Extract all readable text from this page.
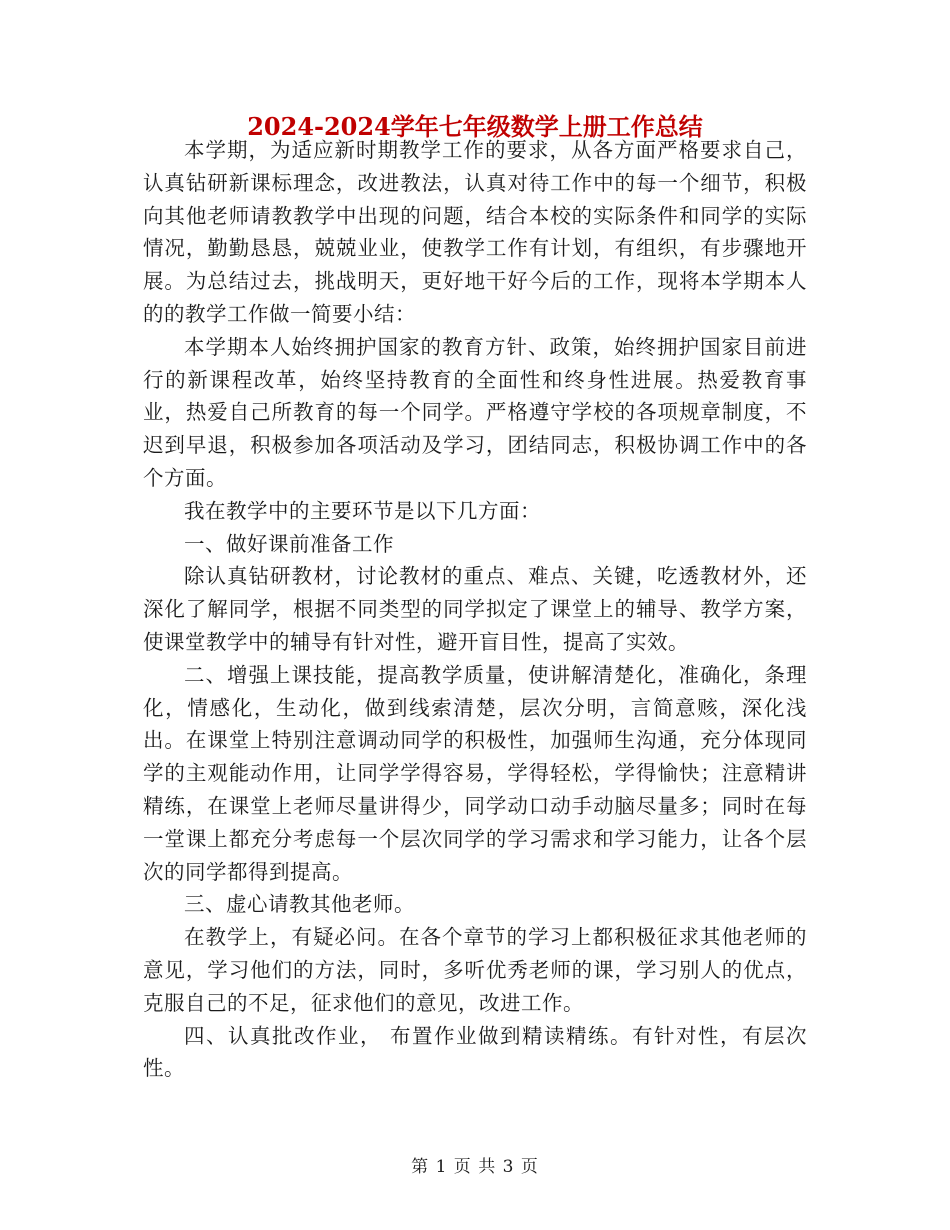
2024-2024学年七年级数学上册工作总结

本学期，为适应新时期教学工作的要求，从各方面严格要求自己，认真钻研新课标理念，改进教法，认真对待工作中的每一个细节，积极向其他老师请教教学中出现的问题，结合本校的实际条件和同学的实际情况，勤勤恳恳，兢兢业业，使教学工作有计划，有组织，有步骤地开展。为总结过去，挑战明天，更好地干好今后的工作，现将本学期本人的的教学工作做一简要小结：

本学期本人始终拥护国家的教育方针、政策，始终拥护国家目前进行的新课程改革，始终坚持教育的全面性和终身性进展。热爱教育事业，热爱自己所教育的每一个同学。严格遵守学校的各项规章制度，不迟到早退，积极参加各项活动及学习，团结同志，积极协调工作中的各个方面。

我在教学中的主要环节是以下几方面：

一、做好课前准备工作

除认真钻研教材，讨论教材的重点、难点、关键，吃透教材外，还深化了解同学，根据不同类型的同学拟定了课堂上的辅导、教学方案，使课堂教学中的辅导有针对性，避开盲目性，提高了实效。

二、增强上课技能，提高教学质量，使讲解清楚化，准确化，条理化，情感化，生动化，做到线索清楚，层次分明，言简意赅，深化浅出。在课堂上特别注意调动同学的积极性，加强师生沟通，充分体现同学的主观能动作用，让同学学得容易，学得轻松，学得愉快；注意精讲精练，在课堂上老师尽量讲得少，同学动口动手动脑尽量多；同时在每一堂课上都充分考虑每一个层次同学的学习需求和学习能力，让各个层次的同学都得到提高。

三、虚心请教其他老师。

在教学上，有疑必问。在各个章节的学习上都积极征求其他老师的意见，学习他们的方法，同时，多听优秀老师的课，学习别人的优点，克服自己的不足，征求他们的意见，改进工作。

四、认真批改作业， 布置作业做到精读精练。有针对性，有层次性。

第 1 页 共 3 页
